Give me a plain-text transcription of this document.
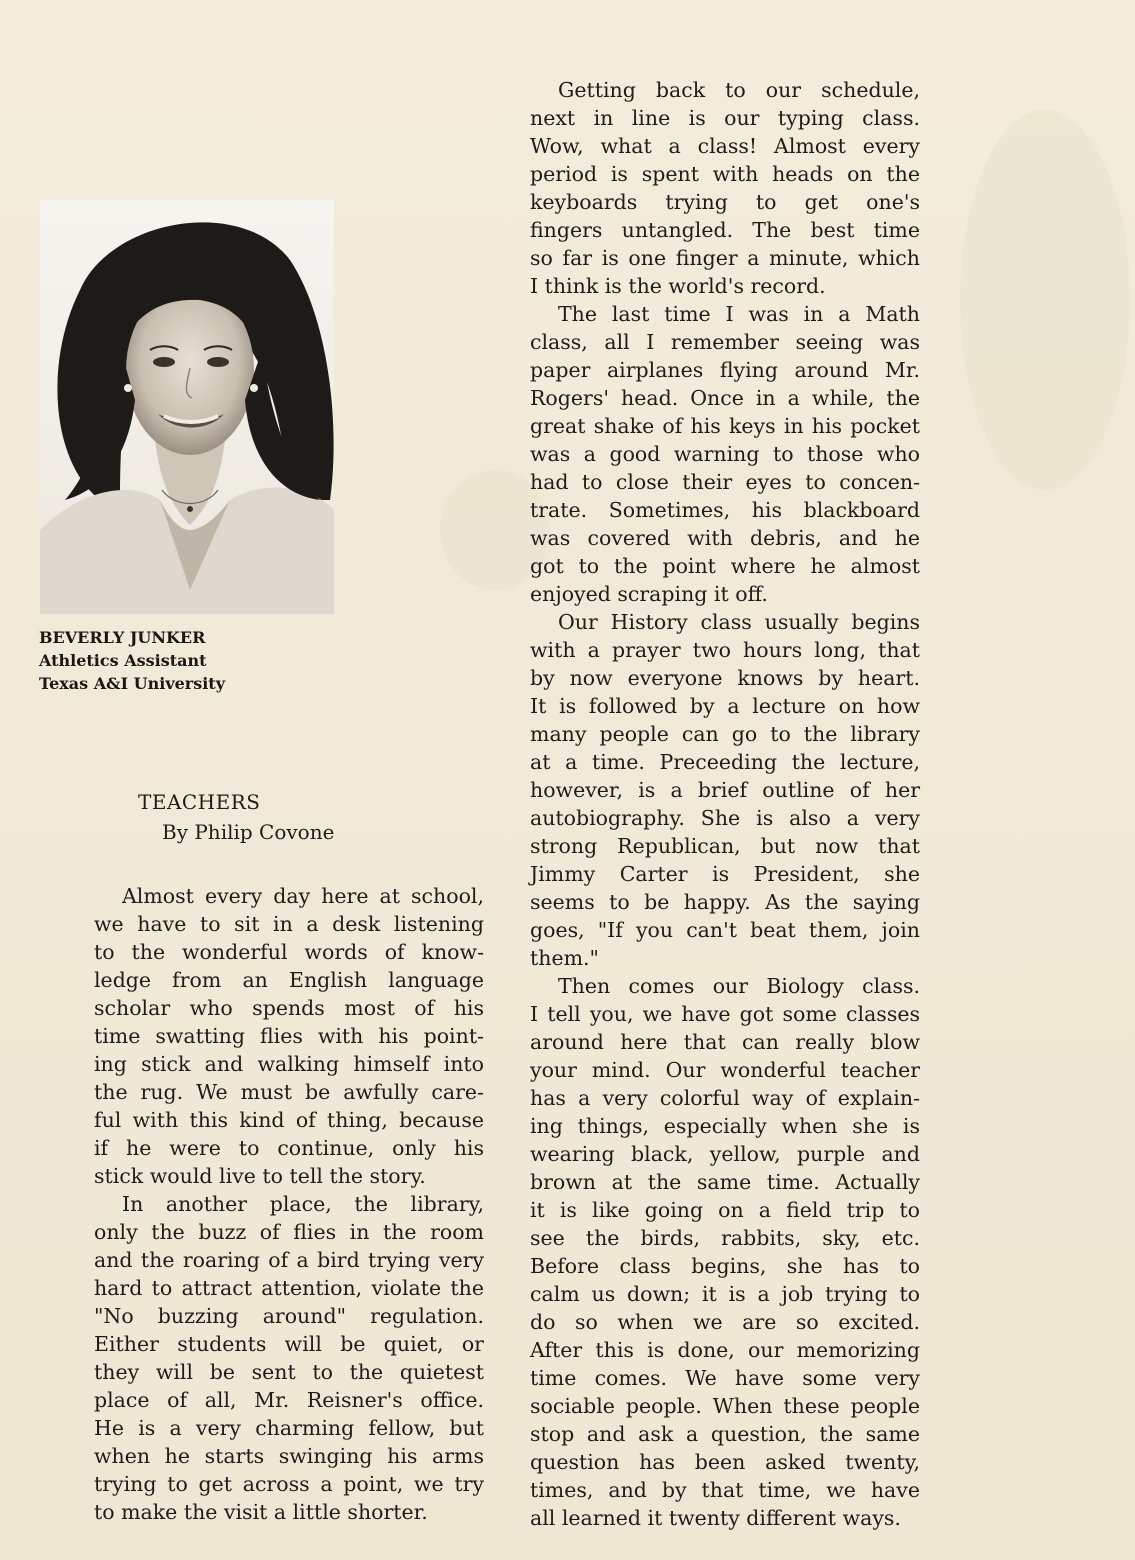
BEVERLY JUNKER
Athletics Assistant
Texas A&I University
TEACHERS
By Philip Covone
Almost every day here at school,
we have to sit in a desk listening
to the wonderful words of know-
ledge from an English language
scholar who spends most of his
time swatting flies with his point-
ing stick and walking himself into
the rug. We must be awfully care-
ful with this kind of thing, because
if he were to continue, only his
stick would live to tell the story.
In another place, the library,
only the buzz of flies in the room
and the roaring of a bird trying very
hard to attract attention, violate the
"No buzzing around" regulation.
Either students will be quiet, or
they will be sent to the quietest
place of all, Mr. Reisner's office.
He is a very charming fellow, but
when he starts swinging his arms
trying to get across a point, we try
to make the visit a little shorter.
Getting back to our schedule,
next in line is our typing class.
Wow, what a class! Almost every
period is spent with heads on the
keyboards trying to get one's
fingers untangled. The best time
so far is one finger a minute, which
I think is the world's record.
The last time I was in a Math
class, all I remember seeing was
paper airplanes flying around Mr.
Rogers' head. Once in a while, the
great shake of his keys in his pocket
was a good warning to those who
had to close their eyes to concen-
trate. Sometimes, his blackboard
was covered with debris, and he
got to the point where he almost
enjoyed scraping it off.
Our History class usually begins
with a prayer two hours long, that
by now everyone knows by heart.
It is followed by a lecture on how
many people can go to the library
at a time. Preceeding the lecture,
however, is a brief outline of her
autobiography. She is also a very
strong Republican, but now that
Jimmy Carter is President, she
seems to be happy. As the saying
goes, "If you can't beat them, join
them."
Then comes our Biology class.
I tell you, we have got some classes
around here that can really blow
your mind. Our wonderful teacher
has a very colorful way of explain-
ing things, especially when she is
wearing black, yellow, purple and
brown at the same time. Actually
it is like going on a field trip to
see the birds, rabbits, sky, etc.
Before class begins, she has to
calm us down; it is a job trying to
do so when we are so excited.
After this is done, our memorizing
time comes. We have some very
sociable people. When these people
stop and ask a question, the same
question has been asked twenty,
times, and by that time, we have
all learned it twenty different ways.
